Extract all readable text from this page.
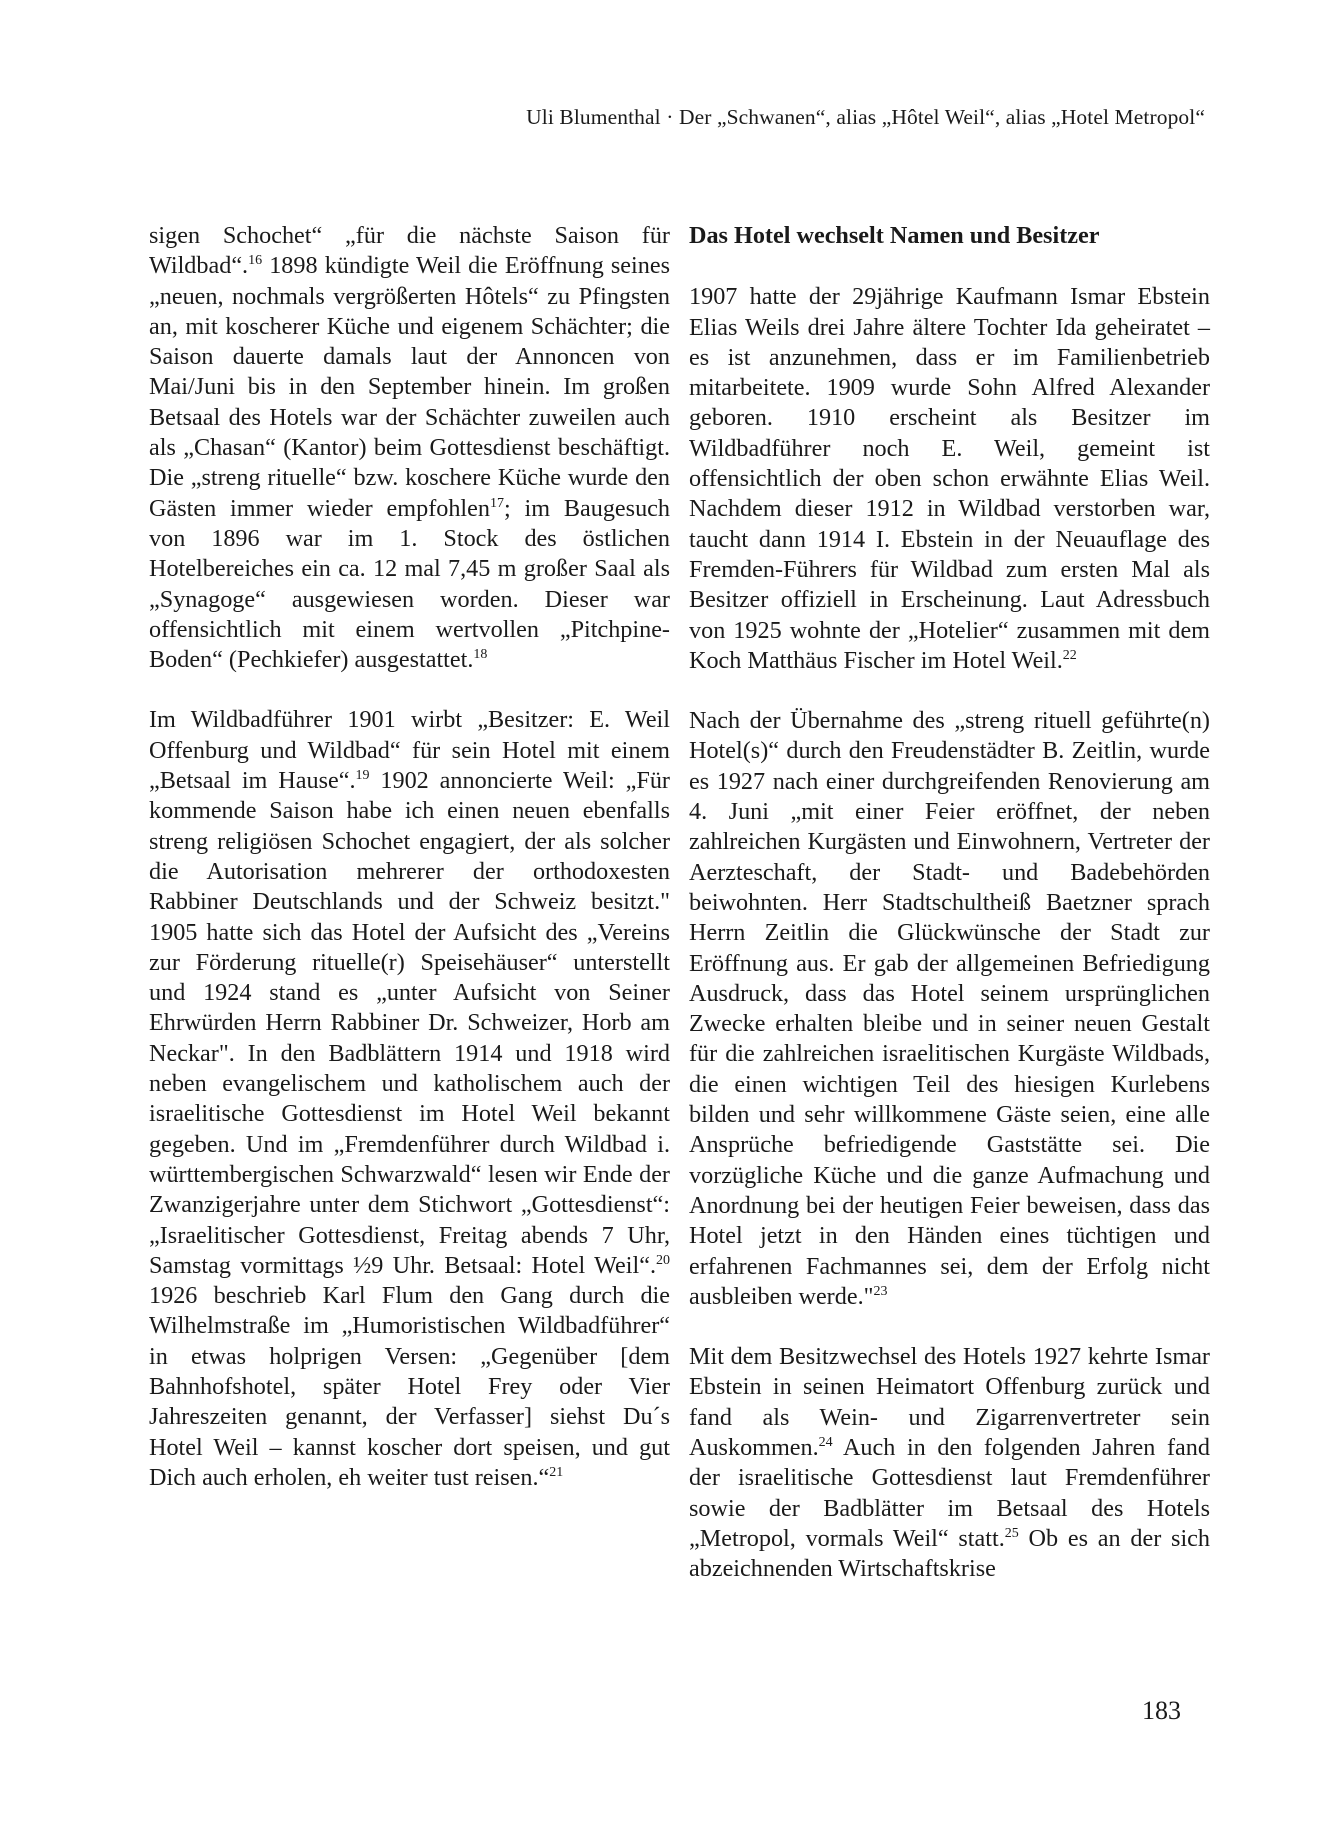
Uli Blumenthal · Der „Schwanen“, alias „Hôtel Weil“, alias „Hotel Metropol“

sigen Schochet“ „für die nächste Saison für Wildbad“.$^{16}$ 1898 kündigte Weil die Eröffnung seines „neuen, nochmals vergrößerten Hôtels“ zu Pfingsten an, mit koscherer Küche und eigenem Schächter; die Saison dauerte damals laut der Annoncen von Mai/Juni bis in den September hinein. Im großen Betsaal des Hotels war der Schächter zuweilen auch als „Chasan“ (Kantor) beim Gottesdienst beschäftigt. Die „streng rituelle“ bzw. koschere Küche wurde den Gästen immer wieder empfohlen$^{17}$; im Baugesuch von 1896 war im 1. Stock des östlichen Hotelbereiches ein ca. 12 mal 7,45 m großer Saal als „Synagoge“ ausgewiesen worden. Dieser war offensichtlich mit einem wertvollen „Pitchpine-Boden“ (Pechkiefer) ausgestattet.$^{18}$

Im Wildbadführer 1901 wirbt „Besitzer: E. Weil Offenburg und Wildbad“ für sein Hotel mit einem „Betsaal im Hause“.$^{19}$ 1902 annoncierte Weil: „Für kommende Saison habe ich einen neuen ebenfalls streng religiösen Schochet engagiert, der als solcher die Autorisation mehrerer der orthodoxesten Rabbiner Deutschlands und der Schweiz besitzt." 1905 hatte sich das Hotel der Aufsicht des „Vereins zur Förderung rituelle(r) Speisehäuser“ unterstellt und 1924 stand es „unter Aufsicht von Seiner Ehrwürden Herrn Rabbiner Dr. Schweizer, Horb am Neckar". In den Badblättern 1914 und 1918 wird neben evangelischem und katholischem auch der israelitische Gottesdienst im Hotel Weil bekannt gegeben. Und im „Fremdenführer durch Wildbad i. württembergischen Schwarzwald“ lesen wir Ende der Zwanzigerjahre unter dem Stichwort „Gottesdienst“: „Israelitischer Gottesdienst, Freitag abends 7 Uhr, Samstag vormittags ½9 Uhr. Betsaal: Hotel Weil“.$^{20}$ 1926 beschrieb Karl Flum den Gang durch die Wilhelmstraße im „Humoristischen Wildbadführer“ in etwas holprigen Versen: „Gegenüber [dem Bahnhofshotel, später Hotel Frey oder Vier Jahreszeiten genannt, der Verfasser] siehst Du´s Hotel Weil – kannst koscher dort speisen, und gut Dich auch erholen, eh weiter tust reisen.“$^{21}$

Das Hotel wechselt Namen und Besitzer

1907 hatte der 29jährige Kaufmann Ismar Ebstein Elias Weils drei Jahre ältere Tochter Ida geheiratet – es ist anzunehmen, dass er im Familienbetrieb mitarbeitete. 1909 wurde Sohn Alfred Alexander geboren. 1910 erscheint als Besitzer im Wildbadführer noch E. Weil, gemeint ist offensichtlich der oben schon erwähnte Elias Weil. Nachdem dieser 1912 in Wildbad verstorben war, taucht dann 1914 I. Ebstein in der Neuauflage des Fremden-Führers für Wildbad zum ersten Mal als Besitzer offiziell in Erscheinung. Laut Adressbuch von 1925 wohnte der „Hotelier“ zusammen mit dem Koch Matthäus Fischer im Hotel Weil.$^{22}$

Nach der Übernahme des „streng rituell geführte(n) Hotel(s)“ durch den Freudenstädter B. Zeitlin, wurde es 1927 nach einer durchgreifenden Renovierung am 4. Juni „mit einer Feier eröffnet, der neben zahlreichen Kurgästen und Einwohnern, Vertreter der Aerzteschaft, der Stadt- und Badebehörden beiwohnten. Herr Stadtschultheiß Baetzner sprach Herrn Zeitlin die Glückwünsche der Stadt zur Eröffnung aus. Er gab der allgemeinen Befriedigung Ausdruck, dass das Hotel seinem ursprünglichen Zwecke erhalten bleibe und in seiner neuen Gestalt für die zahlreichen israelitischen Kurgäste Wildbads, die einen wichtigen Teil des hiesigen Kurlebens bilden und sehr willkommene Gäste seien, eine alle Ansprüche befriedigende Gaststätte sei. Die vorzügliche Küche und die ganze Aufmachung und Anordnung bei der heutigen Feier beweisen, dass das Hotel jetzt in den Händen eines tüchtigen und erfahrenen Fachmannes sei, dem der Erfolg nicht ausbleiben werde."$^{23}$

Mit dem Besitzwechsel des Hotels 1927 kehrte Ismar Ebstein in seinen Heimatort Offenburg zurück und fand als Wein- und Zigarrenvertreter sein Auskommen.$^{24}$ Auch in den folgenden Jahren fand der israelitische Gottesdienst laut Fremdenführer sowie der Badblätter im Betsaal des Hotels „Metropol, vormals Weil“ statt.$^{25}$ Ob es an der sich abzeichnenden Wirtschaftskrise

183
